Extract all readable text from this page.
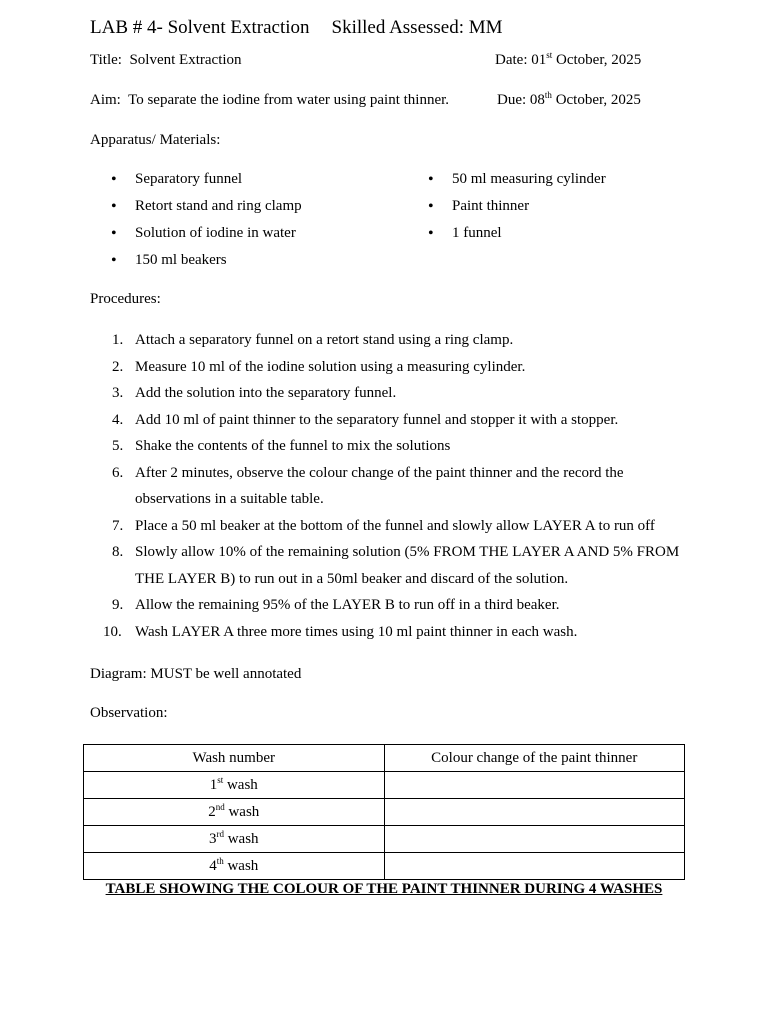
LAB # 4- Solvent Extraction Skilled Assessed: MM
Title: Solvent Extraction	Date: 01st October, 2025
Aim: To separate the iodine from water using paint thinner.	Due: 08th October, 2025
Apparatus/ Materials:
• Separatory funnel
• Retort stand and ring clamp
• Solution of iodine in water
• 150 ml beakers
• 50 ml measuring cylinder
• Paint thinner
• 1 funnel
Procedures:
1. Attach a separatory funnel on a retort stand using a ring clamp.
2. Measure 10 ml of the iodine solution using a measuring cylinder.
3. Add the solution into the separatory funnel.
4. Add 10 ml of paint thinner to the separatory funnel and stopper it with a stopper.
5. Shake the contents of the funnel to mix the solutions
6. After 2 minutes, observe the colour change of the paint thinner and the record the observations in a suitable table.
7. Place a 50 ml beaker at the bottom of the funnel and slowly allow LAYER A to run off
8. Slowly allow 10% of the remaining solution (5% FROM THE LAYER A AND 5% FROM THE LAYER B) to run out in a 50ml beaker and discard of the solution.
9. Allow the remaining 95% of the LAYER B to run off in a third beaker.
10. Wash LAYER A three more times using 10 ml paint thinner in each wash.
Diagram: MUST be well annotated
Observation:
Wash number	Colour change of the paint thinner
1st wash	
2nd wash	
3rd wash	
4th wash	
TABLE SHOWING THE COLOUR OF THE PAINT THINNER DURING 4 WASHES
